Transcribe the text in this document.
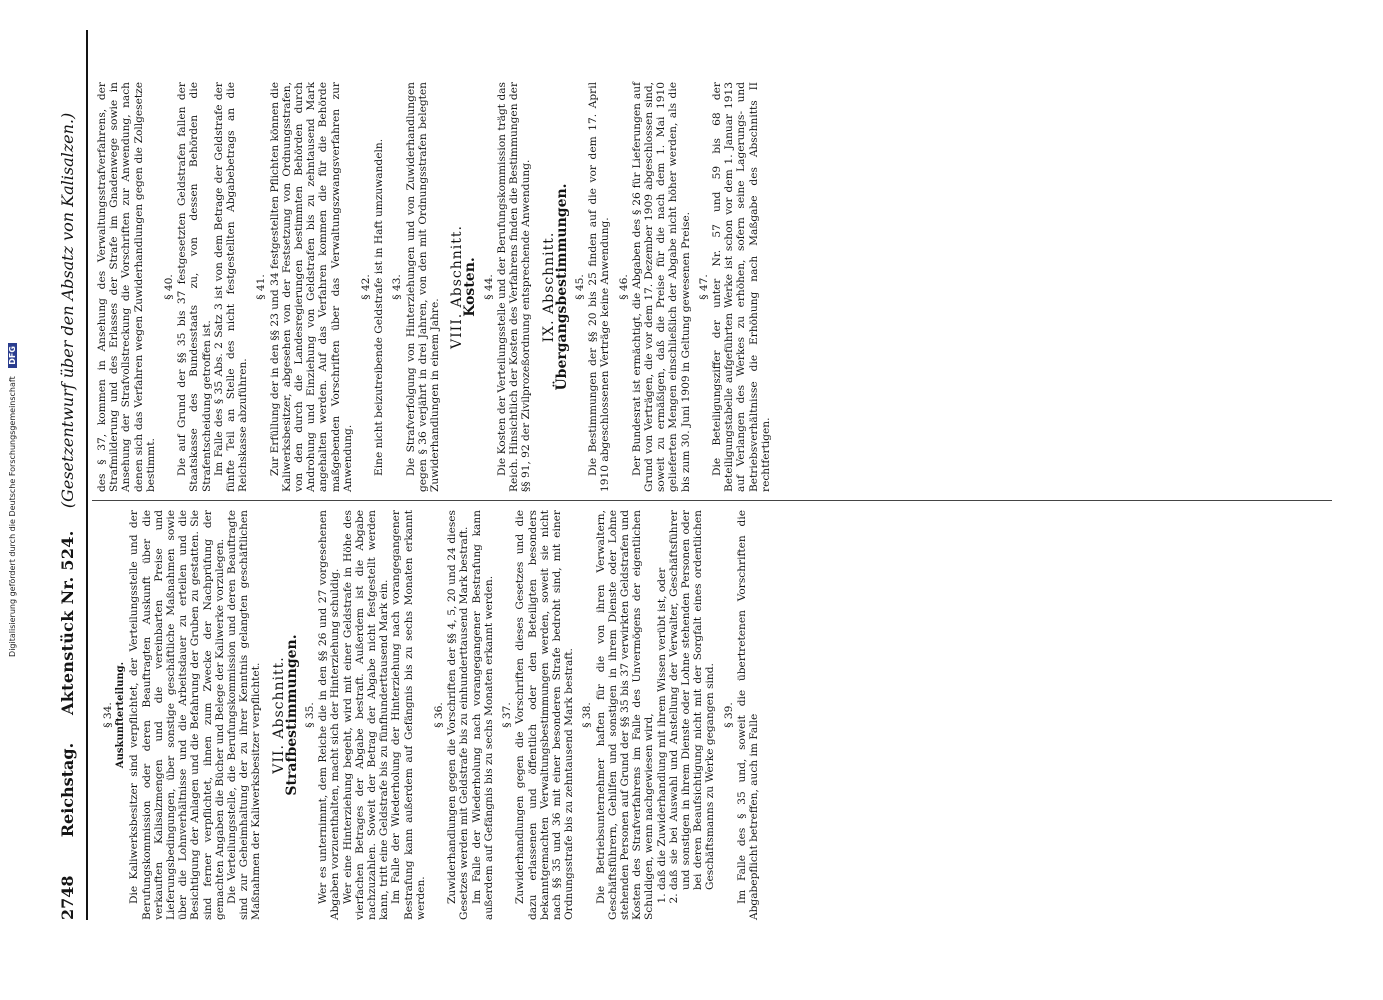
Digitalisierung gefördert durch die Deutsche Forschungsgemeinschaft DFG
2748
Reichstag.     Aktenstück Nr. 524.    (Gesetzentwurf über den Absatz von Kalisalzen.)
§ 34. Auskunfterteilung. Die Kaliwerksbesitzer sind verpflichtet, der Verteilungsstelle und der Berufungskommission oder deren Beauftragten Auskunft über die verkauften Kalisalzmengen und die vereinbarten Preise und Lieferungsbedingungen, über sonstige geschäftliche Maßnahmen sowie über die Lohnverhältnisse und die Arbeitsdauer zu erteilen und die Besichtigung der Anlagen und die Befahrung der Gruben zu gestatten. Sie sind ferner verpflichtet, ihnen zum Zwecke der Nachprüfung der gemachten Angaben die Bücher und Belege der Kaliwerke vorzulegen. Die Verteilungsstelle, die Berufungskommission und deren Beauftragte sind zur Geheimhaltung der zu ihrer Kenntnis gelangten geschäftlichen Maßnahmen der Kaliwerksbesitzer verpflichtet. VII. Abschnitt.
Strafbestimmungen. § 35. Wer es unternimmt, dem Reiche die in den §§ 26 und 27 vorgesehenen Abgaben vorzuenthalten, macht sich der Hinterziehung schuldig. Wer eine Hinterziehung begeht, wird mit einer Geldstrafe in Höhe des vierfachen Betrages der Abgabe bestraft. Außerdem ist die Abgabe nachzuzahlen. Soweit der Betrag der Abgabe nicht festgestellt werden kann, tritt eine Geldstrafe bis zu fünfhunderttausend Mark ein. Im Falle der Wiederholung der Hinterziehung nach vorangegangener Bestrafung kann außerdem auf Gefängnis bis zu sechs Monaten erkannt werden.

§ 36. Zuwiderhandlungen gegen die Vorschriften der §§ 4, 5, 20 und 24 dieses Gesetzes werden mit Geldstrafe bis zu einhunderttausend Mark bestraft. Im Falle der Wiederholung nach vorangegangener Bestrafung kann außerdem auf Gefängnis bis zu sechs Monaten erkannt werden. § 37. Zuwiderhandlungen gegen die Vorschriften dieses Gesetzes und die dazu erlassenen und öffentlich oder den Beteiligten besonders bekanntgemachten Verwaltungsbestimmungen werden, soweit sie nicht nach §§ 35 und 36 mit einer besonderen Strafe bedroht sind, mit einer Ordnungsstrafe bis zu zehntausend Mark bestraft. § 38. Die Betriebsunternehmer haften für die von ihren Verwaltern, Geschäftsführern, Gehilfen und sonstigen in ihrem Dienste oder Lohne stehenden Personen auf Grund der §§ 35 bis 37 verwirkten Geldstrafen und Kosten des Strafverfahrens im Falle des Unvermögens der eigentlichen Schuldigen, wenn nachgewiesen wird, 1. daß die Zuwiderhandlung mit ihrem Wissen verübt ist, oder 2. daß sie bei Auswahl und Anstellung der Verwalter, Geschäftsführer und sonstigen in ihrem Dienste oder Lohne stehenden Personen oder bei deren Beaufsichtigung nicht mit der Sorgfalt eines ordentlichen Geschäftsmanns zu Werke gegangen sind. § 39. Im Falle des § 35 und, soweit die übertretenen Vorschriften die Abgabepflicht betreffen, auch im Falle

des § 37, kommen in Ansehung des Verwaltungsstrafverfahrens, der Strafmilderung und des Erlasses der Strafe im Gnadenwege sowie in Ansehung der Strafvollstreckung die Vorschriften zur Anwendung, nach denen sich das Verfahren wegen Zuwiderhandlungen gegen die Zollgesetze bestimmt.

§ 40. Die auf Grund der §§ 35 bis 37 festgesetzten Geldstrafen fallen der Staatskasse des Bundesstaats zu, von dessen Behörden die Strafentscheidung getroffen ist. Im Falle des § 35 Abs. 2 Satz 3 ist von dem Betrage der Geldstrafe der fünfte Teil an Stelle des nicht festgestellten Abgabebetrags an die Reichskasse abzuführen.

§ 41. Zur Erfüllung der in den §§ 23 und 34 festgestellten Pflichten können die Kaliwerksbesitzer, abgesehen von der Festsetzung von Ordnungsstrafen, von den durch die Landesregierungen bestimmten Behörden durch Androhung und Einziehung von Geldstrafen bis zu zehntausend Mark angehalten werden. Auf das Verfahren kommen die für die Behörde maßgebenden Vorschriften über das Verwaltungszwangsverfahren zur Anwendung.

§ 42. Eine nicht beizutreibende Geldstrafe ist in Haft umzuwandeln. § 43. Die Strafverfolgung von Hinterziehungen und von Zuwiderhandlungen gegen § 36 verjährt in drei Jahren, von den mit Ordnungsstrafen belegten Zuwiderhandlungen in einem Jahre.

VIII. Abschnitt.
Kosten. § 44. Die Kosten der Verteilungsstelle und der Berufungskommission trägt das Reich. Hinsichtlich der Kosten des Verfahrens finden die Bestimmungen der §§ 91, 92 der Zivilprozeßordnung entsprechende Anwendung. IX. Abschnitt.
Übergangsbestimmungen. § 45. Die Bestimmungen der §§ 20 bis 25 finden auf die vor dem 17. April 1910 abgeschlossenen Verträge keine Anwendung. § 46. Der Bundesrat ist ermächtigt, die Abgaben des § 26 für Lieferungen auf Grund von Verträgen, die vor dem 17. Dezember 1909 abgeschlossen sind, soweit zu ermäßigen, daß die Preise für die nach dem 1. Mai 1910 gelieferten Mengen einschließlich der Abgabe nicht höher werden, als die bis zum 30. Juni 1909 in Geltung gewesenen Preise. § 47. Die Beteiligungsziffer der unter Nr. 57 und 59 bis 68 der Beteiligungstabelle aufgeführten Werke ist schon vor dem 1. Januar 1913 auf Verlangen des Werkes zu erhöhen, sofern seine Lagerungs- und Betriebsverhältnisse die Erhöhung nach Maßgabe des Abschnitts II rechtfertigen.
